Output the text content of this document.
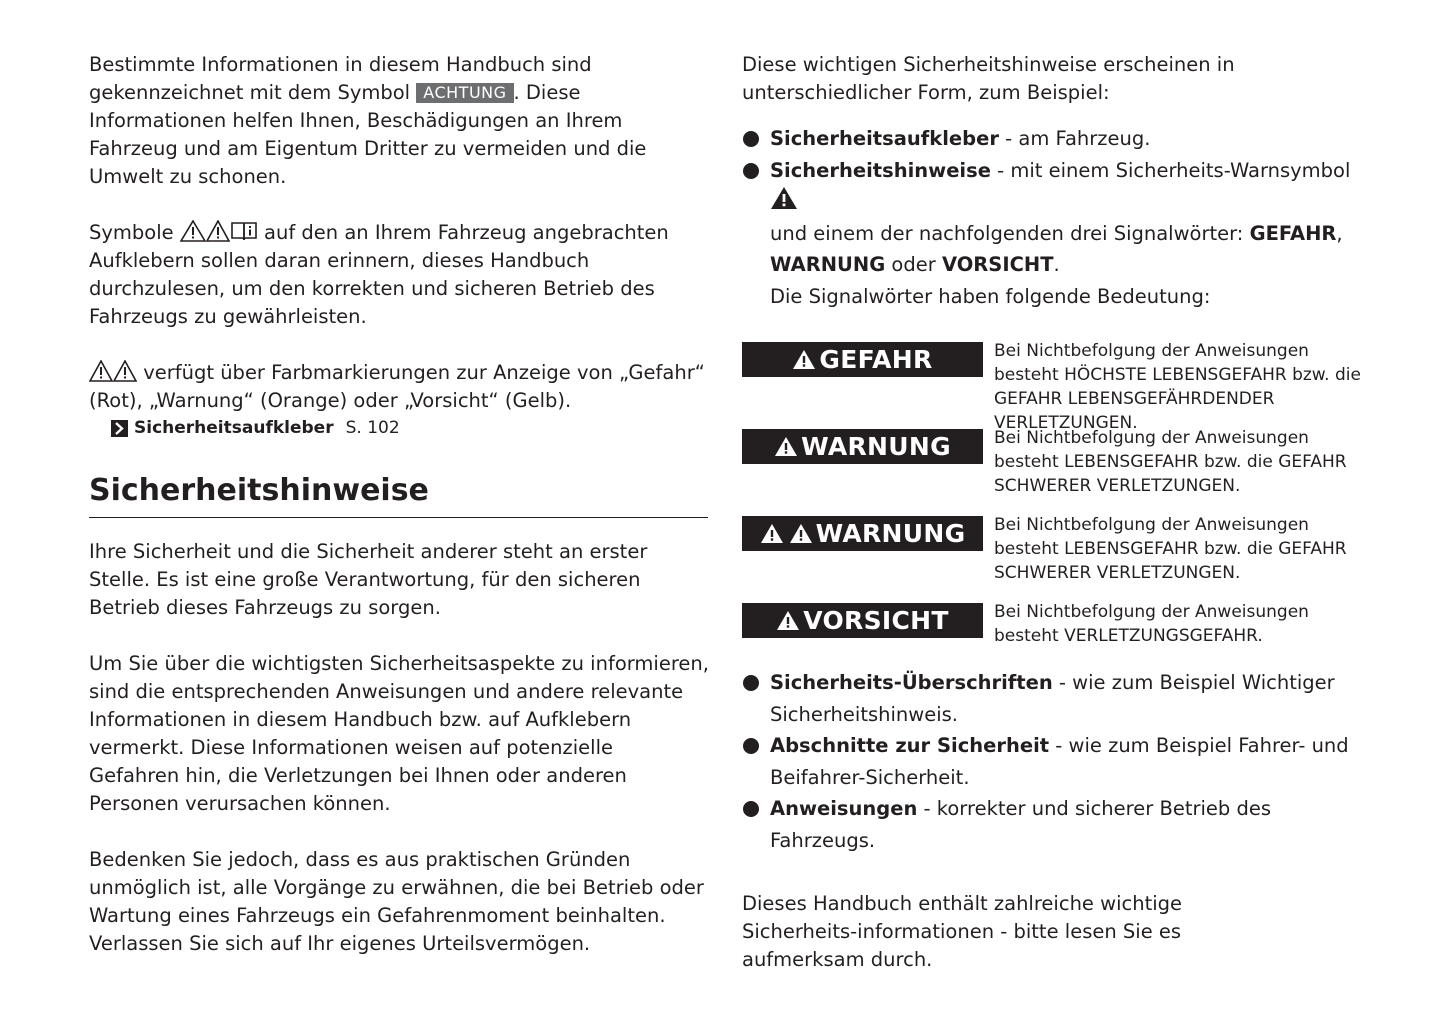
Bestimmte Informationen in diesem Handbuch sind gekennzeichnet mit dem Symbol ACHTUNG . Diese Informationen helfen Ihnen, Beschädigungen an Ihrem Fahrzeug und am Eigentum Dritter zu vermeiden und die Umwelt zu schonen.

Symbole	auf den an Ihrem Fahrzeug angebrachten Aufklebern sollen daran erinnern, dieses Handbuch durchzulesen, um den korrekten und sicheren Betrieb des Fahrzeugs zu gewährleisten.

verfügt über Farbmarkierungen zur Anzeige von „Gefahr“ (Rot), „Warnung“ (Orange) oder „Vorsicht“ (Gelb).

Sicherheitsaufkleber S. 102
Sicherheitshinweise

Ihre Sicherheit und die Sicherheit anderer steht an erster Stelle. Es ist eine große Verantwortung, für den sicheren Betrieb dieses Fahrzeugs zu sorgen.

Um Sie über die wichtigsten Sicherheitsaspekte zu informieren, sind die entsprechenden Anweisungen und andere relevante Informationen in diesem Handbuch bzw. auf Aufklebern vermerkt. Diese Informationen weisen auf potenzielle Gefahren hin, die Verletzungen bei Ihnen oder anderen Personen verursachen können.

Bedenken Sie jedoch, dass es aus praktischen Gründen unmöglich ist, alle Vorgänge zu erwähnen, die bei Betrieb oder Wartung eines Fahrzeugs ein Gefahrenmoment beinhalten. Verlassen Sie sich auf Ihr eigenes Urteilsvermögen.

Diese wichtigen Sicherheitshinweise erscheinen in unterschiedlicher Form, zum Beispiel:

Sicherheitsaufkleber - am Fahrzeug.
Sicherheitshinweise - mit einem Sicherheits-Warnsymbol

und einem der nachfolgenden drei Signalwörter: GEFAHR,
WARNUNG oder VORSICHT.
Die Signalwörter haben folgende Bedeutung:
GEFAHR	Bei Nichtbefolgung der Anweisungen besteht HÖCHSTE LEBENSGEFAHR bzw. die GEFAHR LEBENSGEFÄHRDENDER VERLETZUNGEN.
WARNUNG	Bei Nichtbefolgung der Anweisungen besteht LEBENSGEFAHR bzw. die GEFAHR SCHWERER VERLETZUNGEN.
WARNUNG Bei Nichtbefolgung der Anweisungen besteht LEBENSGEFAHR bzw. die GEFAHR SCHWERER VERLETZUNGEN.
VORSICHT	Bei Nichtbefolgung der Anweisungen besteht VERLETZUNGSGEFAHR.
Sicherheits-Überschriften - wie zum Beispiel Wichtiger Sicherheitshinweis.
Abschnitte zur Sicherheit - wie zum Beispiel Fahrer- und Beifahrer-Sicherheit.
Anweisungen - korrekter und sicherer Betrieb des Fahrzeugs.

Dieses Handbuch enthält zahlreiche wichtige Sicherheits-informationen - bitte lesen Sie es aufmerksam durch.
